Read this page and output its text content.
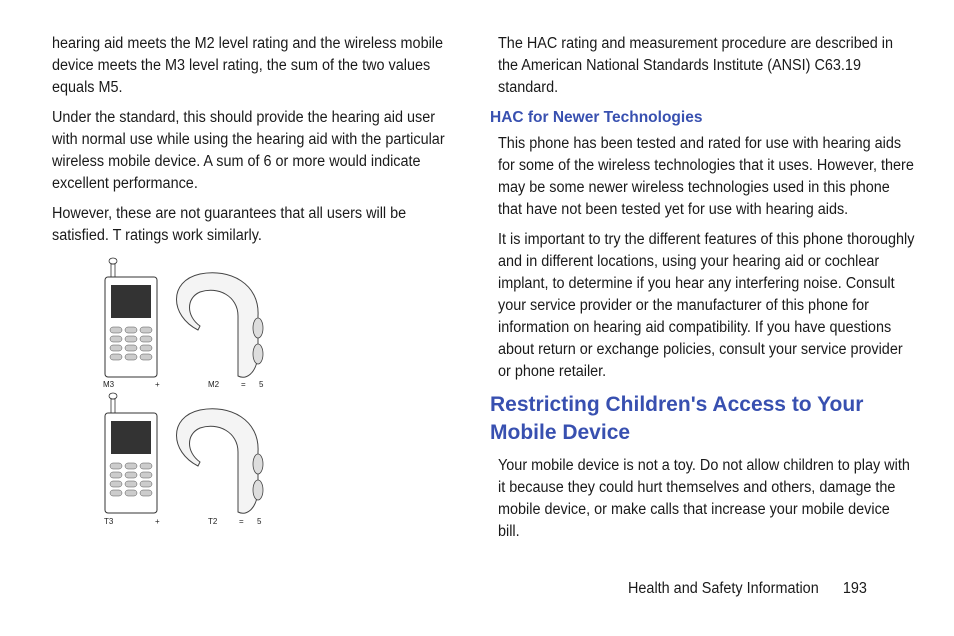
hearing aid meets the M2 level rating and the wireless mobile device meets the M3 level rating, the sum of the two values equals M5.

Under the standard, this should provide the hearing aid user with normal use while using the hearing aid with the particular wireless mobile device. A sum of 6 or more would indicate excellent performance.

However, these are not guarantees that all users will be satisfied. T ratings work similarly.

M3	+	M2	= 5
T3	+	T2	= 5

The HAC rating and measurement procedure are described in the American National Standards Institute (ANSI) C63.19 standard.

HAC for Newer Technologies

This phone has been tested and rated for use with hearing aids for some of the wireless technologies that it uses. However, there may be some newer wireless technologies used in this phone that have not been tested yet for use with hearing aids.

It is important to try the different features of this phone thoroughly and in different locations, using your hearing aid or cochlear implant, to determine if you hear any interfering noise. Consult your service provider or the manufacturer of this phone for information on hearing aid compatibility. If you have questions about return or exchange policies, consult your service provider or phone retailer.

Restricting Children's Access to Your Mobile Device

Your mobile device is not a toy. Do not allow children to play with it because they could hurt themselves and others, damage the mobile device, or make calls that increase your mobile device bill.

Health and Safety Information 193
